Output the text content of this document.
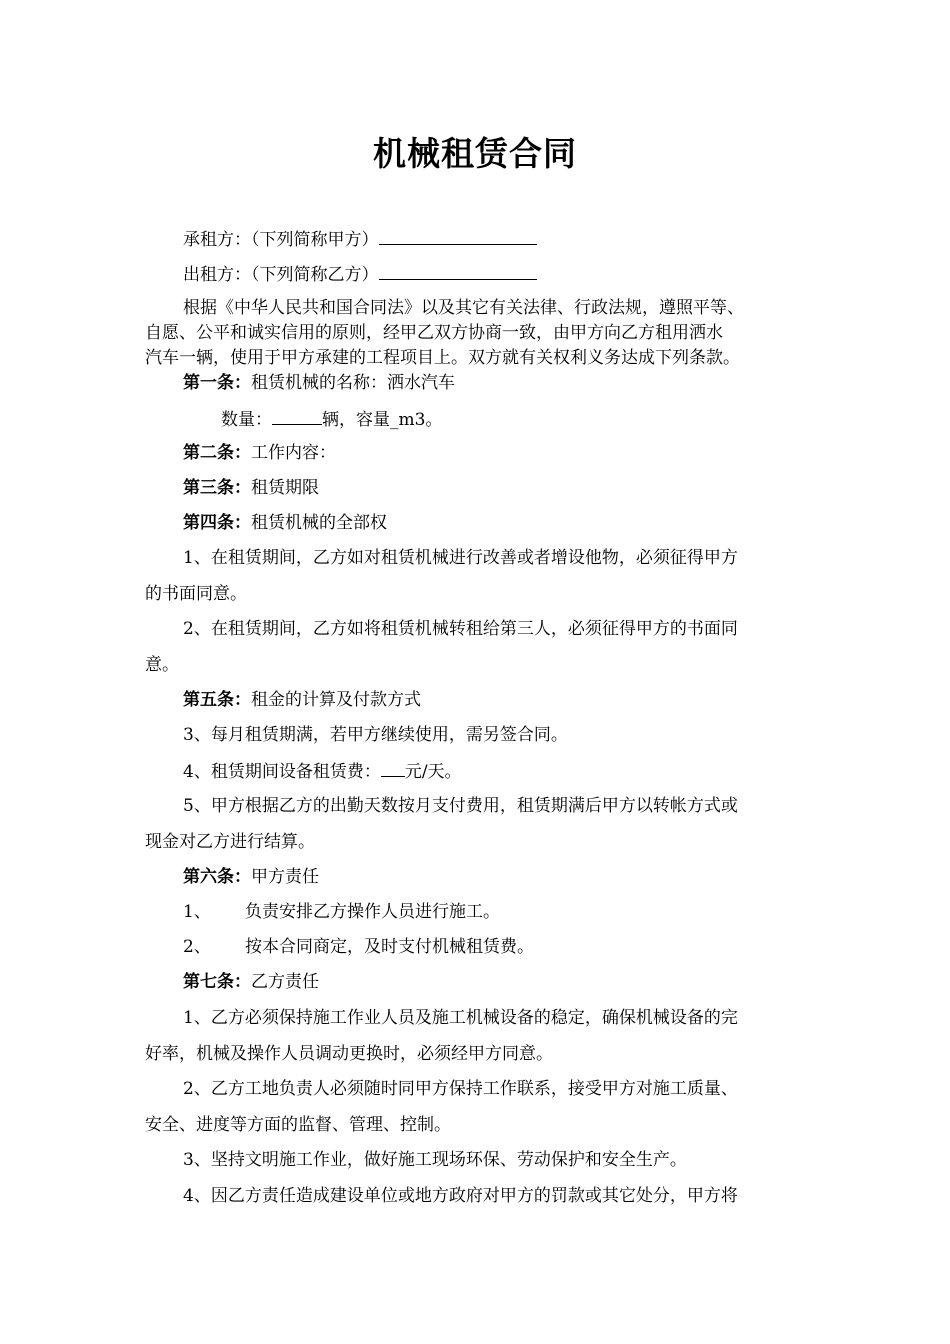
机械租赁合同
承租方：（下列简称甲方）
出租方：（下列简称乙方）
根据《中华人民共和国合同法》以及其它有关法律、行政法规，遵照平等、
自愿、公平和诚实信用的原则，经甲乙双方协商一致，由甲方向乙方租用洒水
汽车一辆，使用于甲方承建的工程项目上。双方就有关权利义务达成下列条款。
第一条：租赁机械的名称：洒水汽车
数量：	辆，容量_m3。
第二条：工作内容：
第三条：租赁期限
第四条：租赁机械的全部权
1、在租赁期间，乙方如对租赁机械进行改善或者增设他物，必须征得甲方
的书面同意。
2、在租赁期间，乙方如将租赁机械转租给第三人，必须征得甲方的书面同
意。
第五条：租金的计算及付款方式
3、每月租赁期满，若甲方继续使用，需另签合同。
4、租赁期间设备租赁费： 元/天。
5、甲方根据乙方的出勤天数按月支付费用，租赁期满后甲方以转帐方式或
现金对乙方进行结算。
第六条：甲方责任
1、 负责安排乙方操作人员进行施工。
2、 按本合同商定，及时支付机械租赁费。
第七条：乙方责任
1、乙方必须保持施工作业人员及施工机械设备的稳定，确保机械设备的完
好率，机械及操作人员调动更换时，必须经甲方同意。
2、乙方工地负责人必须随时同甲方保持工作联系，接受甲方对施工质量、
安全、进度等方面的监督、管理、控制。
3、坚持文明施工作业，做好施工现场环保、劳动保护和安全生产。
4、因乙方责任造成建设单位或地方政府对甲方的罚款或其它处分，甲方将
